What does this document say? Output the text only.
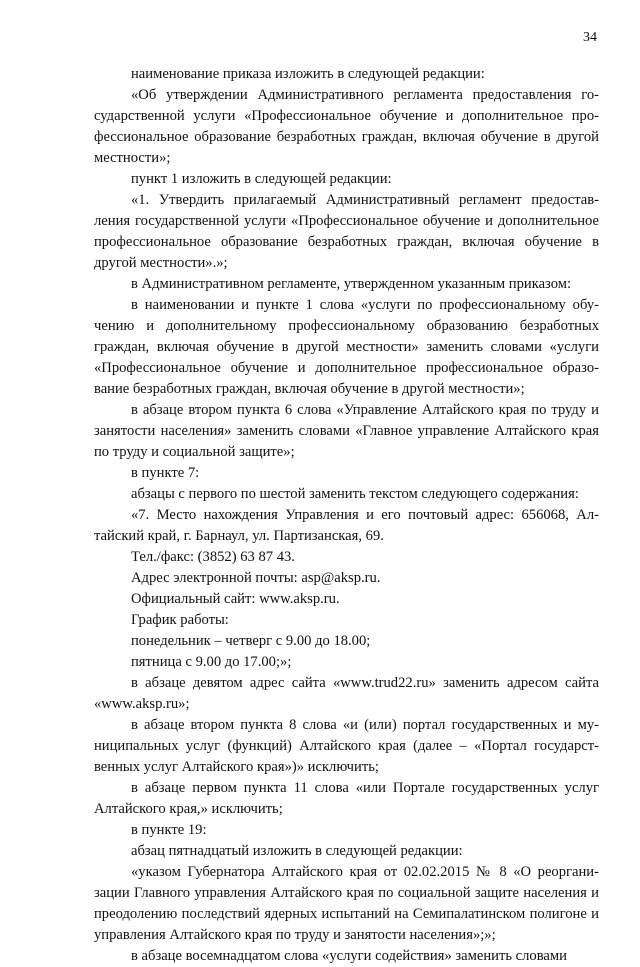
34

наименование приказа изложить в следующей редакции:

«Об утверждении Административного регламента предоставления государственной услуги «Профессиональное обучение и дополнительное профессиональное образование безработных граждан, включая обучение в другой местности»;

пункт 1 изложить в следующей редакции:

«1. Утвердить прилагаемый Административный регламент предоставления государственной услуги «Профессиональное обучение и дополнительное профессиональное образование безработных граждан, включая обучение в другой местности».»;

в Административном регламенте, утвержденном указанным приказом:

в наименовании и пункте 1 слова «услуги по профессиональному обучению и дополнительному профессиональному образованию безработных граждан, включая обучение в другой местности» заменить словами «услуги «Профессиональное обучение и дополнительное профессиональное образование безработных граждан, включая обучение в другой местности»;

в абзаце втором пункта 6 слова «Управление Алтайского края по труду и занятости населения» заменить словами «Главное управление Алтайского края по труду и социальной защите»;

в пункте 7:

абзацы с первого по шестой заменить текстом следующего содержания:

«7. Место нахождения Управления и его почтовый адрес: 656068, Алтайский край, г. Барнаул, ул. Партизанская, 69.

Тел./факс: (3852) 63 87 43.

Адрес электронной почты: asp@aksp.ru.

Официальный сайт: www.aksp.ru.

График работы:

понедельник – четверг с 9.00 до 18.00;

пятница с 9.00 до 17.00;»;

в абзаце девятом адрес сайта «www.trud22.ru» заменить адресом сайта «www.aksp.ru»;

в абзаце втором пункта 8 слова «и (или) портал государственных и муниципальных услуг (функций) Алтайского края (далее – «Портал государственных услуг Алтайского края»)» исключить;

в абзаце первом пункта 11 слова «или Портале государственных услуг Алтайского края,» исключить;

в пункте 19:

абзац пятнадцатый изложить в следующей редакции:

«указом Губернатора Алтайского края от 02.02.2015 № 8 «О реорганизации Главного управления Алтайского края по социальной защите населения и преодолению последствий ядерных испытаний на Семипалатинском полигоне и управления Алтайского края по труду и занятости населения»;»;

в абзаце восемнадцатом слова «услуги содействия» заменить словами
